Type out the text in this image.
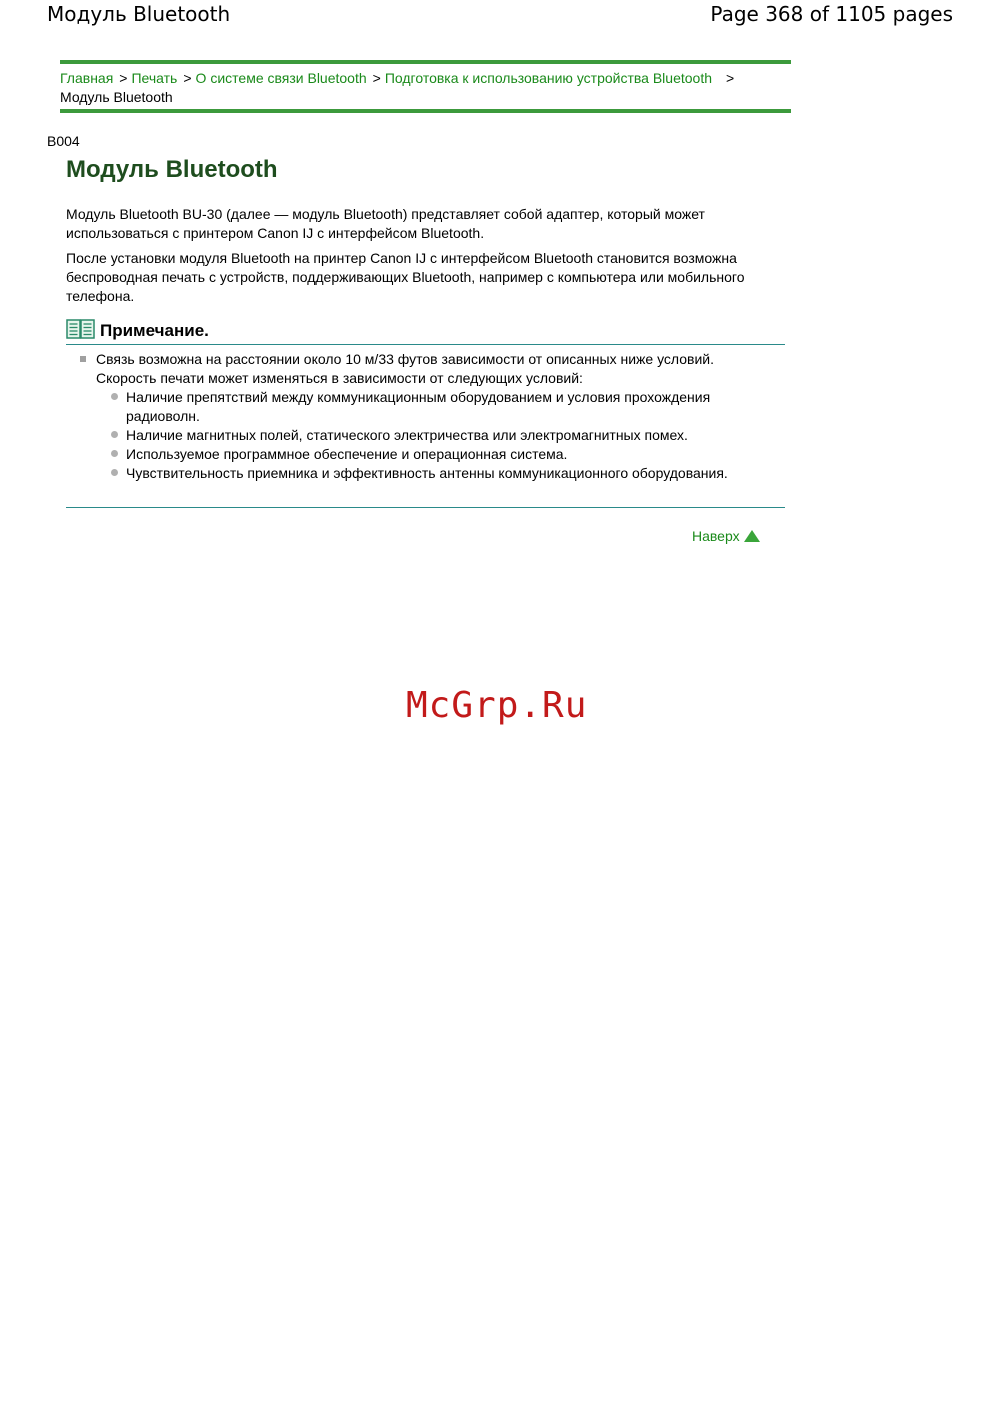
Модуль Bluetooth	Page 368 of 1105 pages
Главная > Печать > О системе связи Bluetooth > Подготовка к использованию устройства Bluetooth >
Модуль Bluetooth
B004
Модуль Bluetooth

Модуль Bluetooth BU-30 (далее — модуль Bluetooth) представляет собой адаптер, который может использоваться с принтером Canon IJ с интерфейсом Bluetooth.

После установки модуля Bluetooth на принтер Canon IJ с интерфейсом Bluetooth становится возможна беспроводная печать с устройств, поддерживающих Bluetooth, например с компьютера или мобильного телефона.

Примечание.
Связь возможна на расстоянии около 10 м/33 футов зависимости от описанных ниже условий. Скорость печати может изменяться в зависимости от следующих условий:
Наличие препятствий между коммуникационным оборудованием и условия прохождения радиоволн.
Наличие магнитных полей, статического электричества или электромагнитных помех.
Используемое программное обеспечение и операционная система.
Чувствительность приемника и эффективность антенны коммуникационного оборудования.
Наверх
McGrp.Ru
